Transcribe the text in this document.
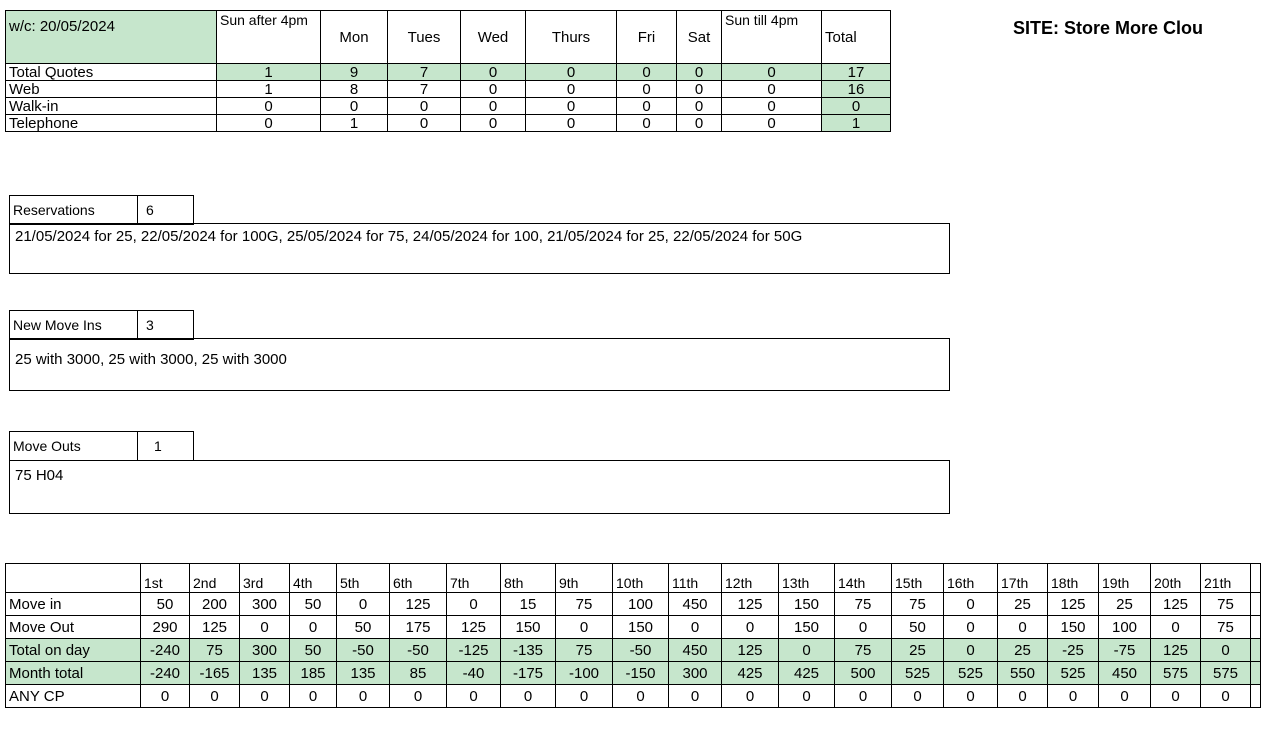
SITE: Store More Clou
w/c: 20/05/2024	Sun after 4pm	Mon	Tues	Wed	Thurs	Fri	Sat	Sun till 4pm	Total
Total Quotes	1	9	7	0	0	0	0	0	17
Web	1	8	7	0	0	0	0	0	16
Walk-in	0	0	0	0	0	0	0	0	0
Telephone	0	1	0	0	0	0	0	0	1
Reservations	6
21/05/2024 for 25, 22/05/2024 for 100G, 25/05/2024 for 75, 24/05/2024 for 100, 21/05/2024 for 25, 22/05/2024 for 50G
New Move Ins	3
25 with 3000, 25 with 3000, 25 with 3000
Move Outs	1
75 H04
	1st	2nd	3rd	4th	5th	6th	7th	8th	9th	10th	11th	12th	13th	14th	15th	16th	17th	18th	19th	20th	21th	
Move in	50	200	300	50	0	125	0	15	75	100	450	125	150	75	75	0	25	125	25	125	75	
Move Out	290	125	0	0	50	175	125	150	0	150	0	0	150	0	50	0	0	150	100	0	75	
Total on day	-240	75	300	50	-50	-50	-125	-135	75	-50	450	125	0	75	25	0	25	-25	-75	125	0	
Month total	-240	-165	135	185	135	85	-40	-175	-100	-150	300	425	425	500	525	525	550	525	450	575	575	
ANY CP	0	0	0	0	0	0	0	0	0	0	0	0	0	0	0	0	0	0	0	0	0	
